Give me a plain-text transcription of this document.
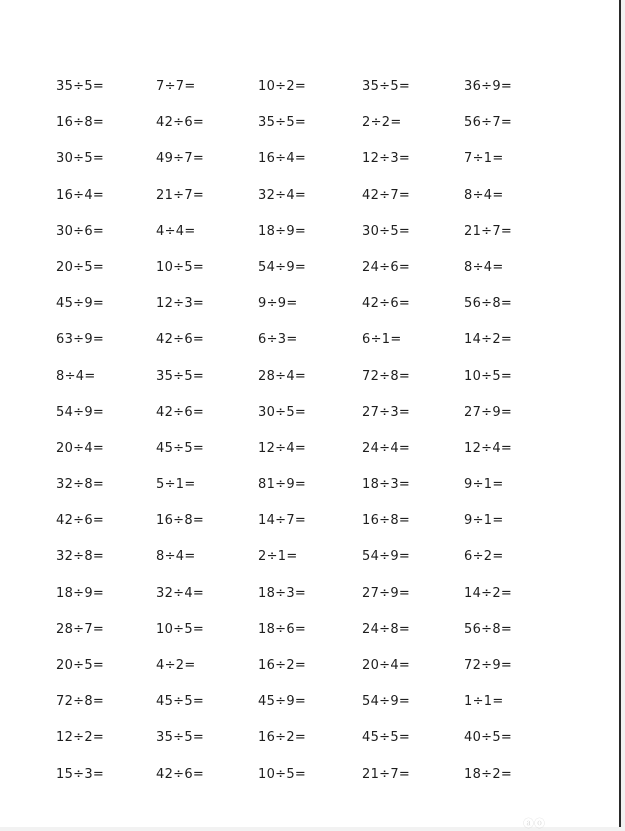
35÷5=	7÷7=	10÷2=	35÷5=	36÷9=
16÷8=	42÷6=	35÷5=	2÷2=	56÷7=
30÷5=	49÷7=	16÷4=	12÷3=	7÷1=
16÷4=	21÷7=	32÷4=	42÷7=	8÷4=
30÷6=	4÷4=	18÷9=	30÷5=	21÷7=
20÷5=	10÷5=	54÷9=	24÷6=	8÷4=
45÷9=	12÷3=	9÷9=	42÷6=	56÷8=
63÷9=	42÷6=	6÷3=	6÷1=	14÷2=
8÷4=	35÷5=	28÷4=	72÷8=	10÷5=
54÷9=	42÷6=	30÷5=	27÷3=	27÷9=
20÷4=	45÷5=	12÷4=	24÷4=	12÷4=
32÷8=	5÷1=	81÷9=	18÷3=	9÷1=
42÷6=	16÷8=	14÷7=	16÷8=	9÷1=
32÷8=	8÷4=	2÷1=	54÷9=	6÷2=
18÷9=	32÷4=	18÷3=	27÷9=	14÷2=
28÷7=	10÷5=	18÷6=	24÷8=	56÷8=
20÷5=	4÷2=	16÷2=	20÷4=	72÷9=
72÷8=	45÷5=	45÷9=	54÷9=	1÷1=
12÷2=	35÷5=	16÷2=	45÷5=	40÷5=
15÷3=	42÷6=	10÷5=	21÷7=	18÷2=
ⓐⓞ
